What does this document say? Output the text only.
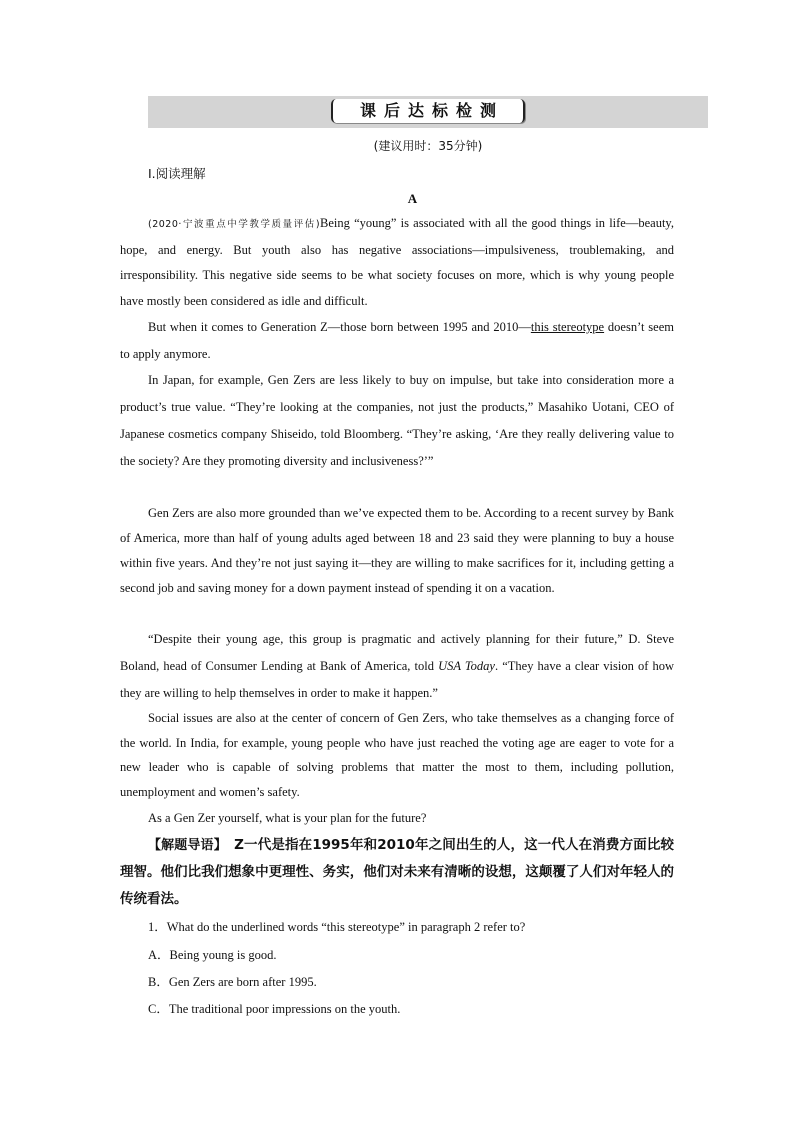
课后达标检测
(建议用时：35分钟)
Ⅰ.阅读理解
A

(2020·宁波重点中学教学质量评估)Being “young” is associated with all the good things in life—beauty, hope, and energy. But youth also has negative associations—impulsiveness, troublemaking, and irresponsibility. This negative side seems to be what society focuses on more, which is why young people have mostly been considered as idle and difficult.

But when it comes to Generation Z—those born between 1995 and 2010—this stereotype doesn’t seem to apply anymore.

In Japan, for example, Gen Zers are less likely to buy on impulse, but take into consideration more a product’s true value. “They’re looking at the companies, not just the products,” Masahiko Uotani, CEO of Japanese cosmetics company Shiseido, told Bloomberg. “They’re asking, ‘Are they really delivering value to the society? Are they promoting diversity and inclusiveness?’”

Gen Zers are also more grounded than we’ve expected them to be. According to a recent survey by Bank of America, more than half of young adults aged between 18 and 23 said they were planning to buy a house within five years. And they’re not just saying it—they are willing to make sacrifices for it, including getting a second job and saving money for a down payment instead of spending it on a vacation.

“Despite their young age, this group is pragmatic and actively planning for their future,” D. Steve Boland, head of Consumer Lending at Bank of America, told USA Today. “They have a clear vision of how they are willing to help themselves in order to make it happen.”

Social issues are also at the center of concern of Gen Zers, who take themselves as a changing force of the world. In India, for example, young people who have just reached the voting age are eager to vote for a new leader who is capable of solving problems that matter the most to them, including pollution, unemployment and women’s safety.

As a Gen Zer yourself, what is your plan for the future?

【解题导语】 Z一代是指在1995年和2010年之间出生的人，这一代人在消费方面比较理智。他们比我们想象中更理性、务实，他们对未来有清晰的设想，这颠覆了人们对年轻人的传统看法。
1．What do the underlined words “this stereotype” in paragraph 2 refer to?
A．Being young is good.
B．Gen Zers are born after 1995.
C．The traditional poor impressions on the youth.
